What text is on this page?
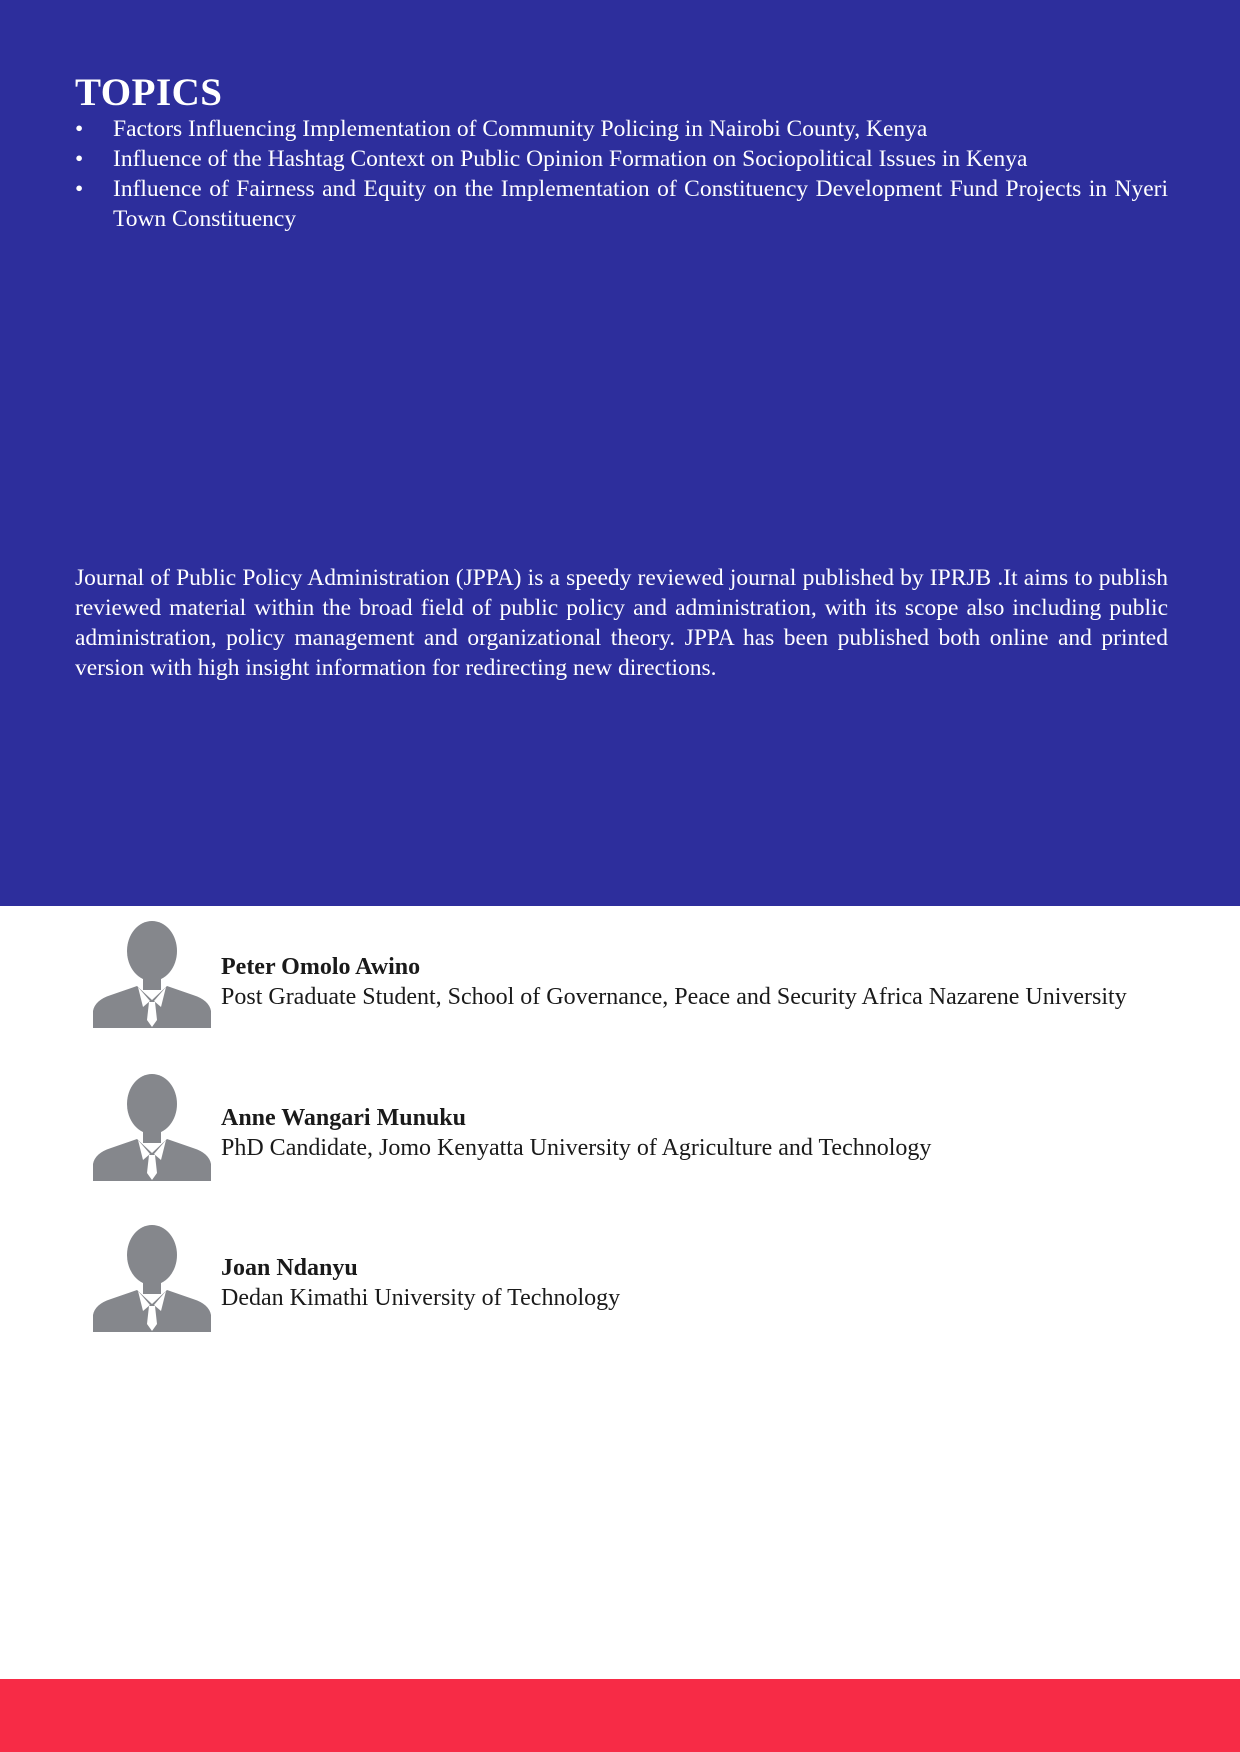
TOPICS
• Factors Influencing Implementation of Community Policing in Nairobi County, Kenya
• Influence of the Hashtag Context on Public Opinion Formation on Sociopolitical Issues in Kenya
• Influence of Fairness and Equity on the Implementation of Constituency Development Fund Projects in Nyeri Town Constituency

Journal of Public Policy Administration (JPPA) is a speedy reviewed journal published by IPRJB .It aims to publish reviewed material within the broad field of public policy and administration, with its scope also including public administration, policy management and organizational theory. JPPA has been published both online and printed version with high insight information for redirecting new directions.

Peter Omolo Awino
Post Graduate Student, School of Governance, Peace and Security Africa Nazarene University
Anne Wangari Munuku
PhD Candidate, Jomo Kenyatta University of Agriculture and Technology
Joan Ndanyu
Dedan Kimathi University of Technology
